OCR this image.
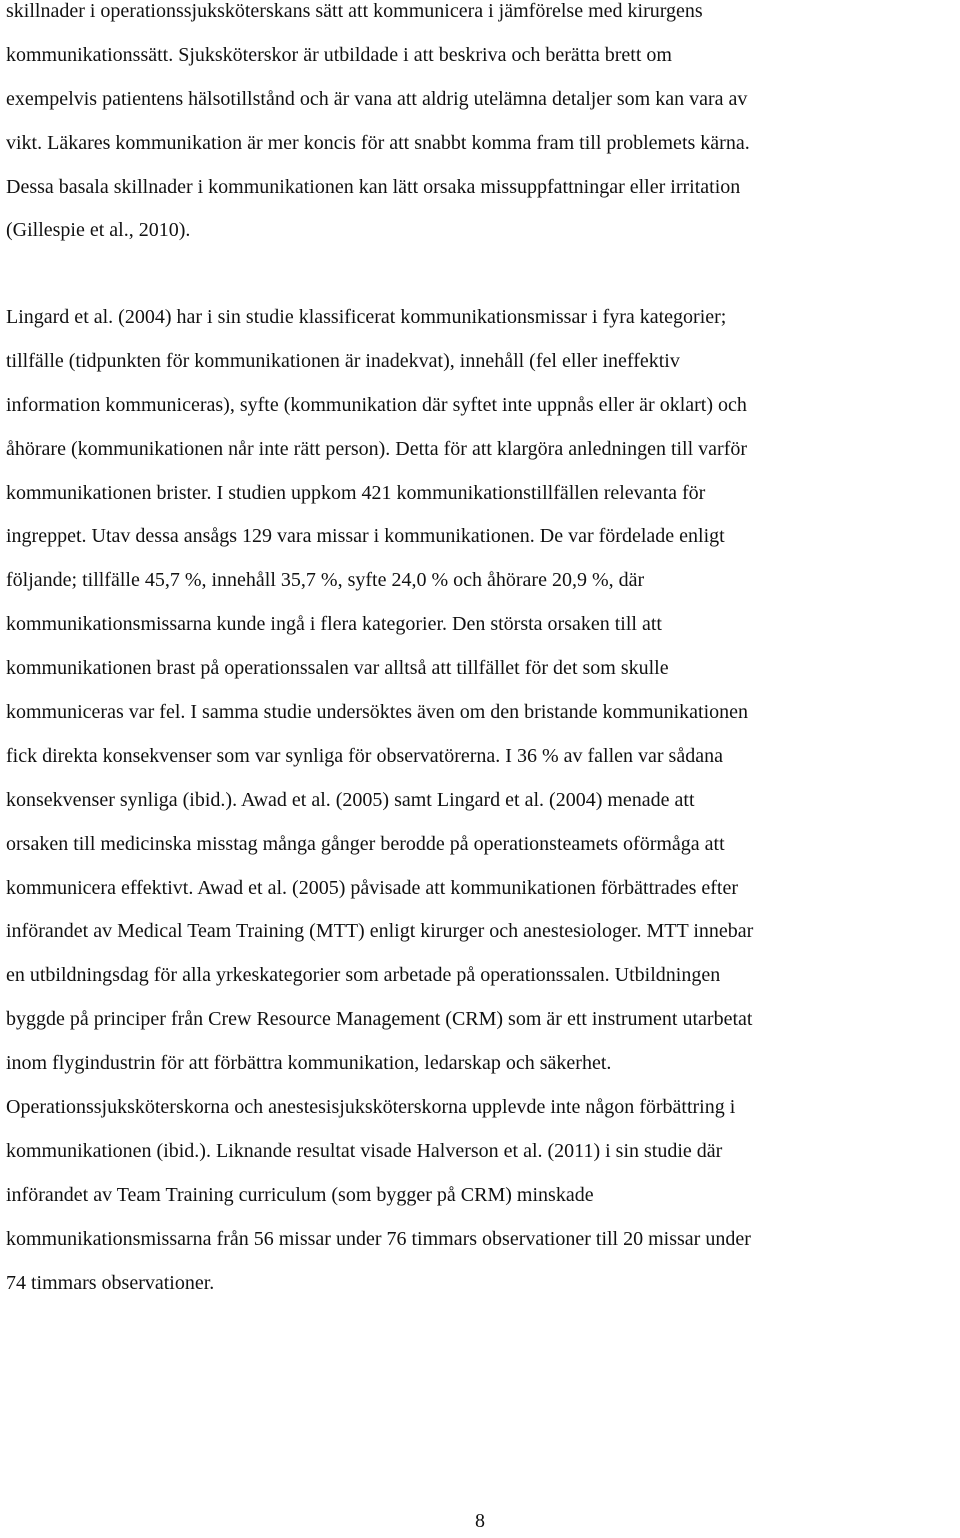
skillnader i operationssjuksköterskans sätt att kommunicera i jämförelse med kirurgens
kommunikationssätt. Sjuksköterskor är utbildade i att beskriva och berätta brett om
exempelvis patientens hälsotillstånd och är vana att aldrig utelämna detaljer som kan vara av
vikt. Läkares kommunikation är mer koncis för att snabbt komma fram till problemets kärna.
Dessa basala skillnader i kommunikationen kan lätt orsaka missuppfattningar eller irritation
(Gillespie et al., 2010).

Lingard et al. (2004) har i sin studie klassificerat kommunikationsmissar i fyra kategorier;
tillfälle (tidpunkten för kommunikationen är inadekvat), innehåll (fel eller ineffektiv
information kommuniceras), syfte (kommunikation där syftet inte uppnås eller är oklart) och
åhörare (kommunikationen når inte rätt person). Detta för att klargöra anledningen till varför
kommunikationen brister. I studien uppkom 421 kommunikationstillfällen relevanta för
ingreppet. Utav dessa ansågs 129 vara missar i kommunikationen. De var fördelade enligt
följande; tillfälle 45,7 %, innehåll 35,7 %, syfte 24,0 % och åhörare 20,9 %, där
kommunikationsmissarna kunde ingå i flera kategorier. Den största orsaken till att
kommunikationen brast på operationssalen var alltså att tillfället för det som skulle
kommuniceras var fel. I samma studie undersöktes även om den bristande kommunikationen
fick direkta konsekvenser som var synliga för observatörerna. I 36 % av fallen var sådana
konsekvenser synliga (ibid.). Awad et al. (2005) samt Lingard et al. (2004) menade att
orsaken till medicinska misstag många gånger berodde på operationsteamets oförmåga att
kommunicera effektivt. Awad et al. (2005) påvisade att kommunikationen förbättrades efter
införandet av Medical Team Training (MTT) enligt kirurger och anestesiologer. MTT innebar
en utbildningsdag för alla yrkeskategorier som arbetade på operationssalen. Utbildningen
byggde på principer från Crew Resource Management (CRM) som är ett instrument utarbetat
inom flygindustrin för att förbättra kommunikation, ledarskap och säkerhet.
Operationssjuksköterskorna och anestesisjuksköterskorna upplevde inte någon förbättring i
kommunikationen (ibid.). Liknande resultat visade Halverson et al. (2011) i sin studie där
införandet av Team Training curriculum (som bygger på CRM) minskade
kommunikationsmissarna från 56 missar under 76 timmars observationer till 20 missar under
74 timmars observationer.

8
